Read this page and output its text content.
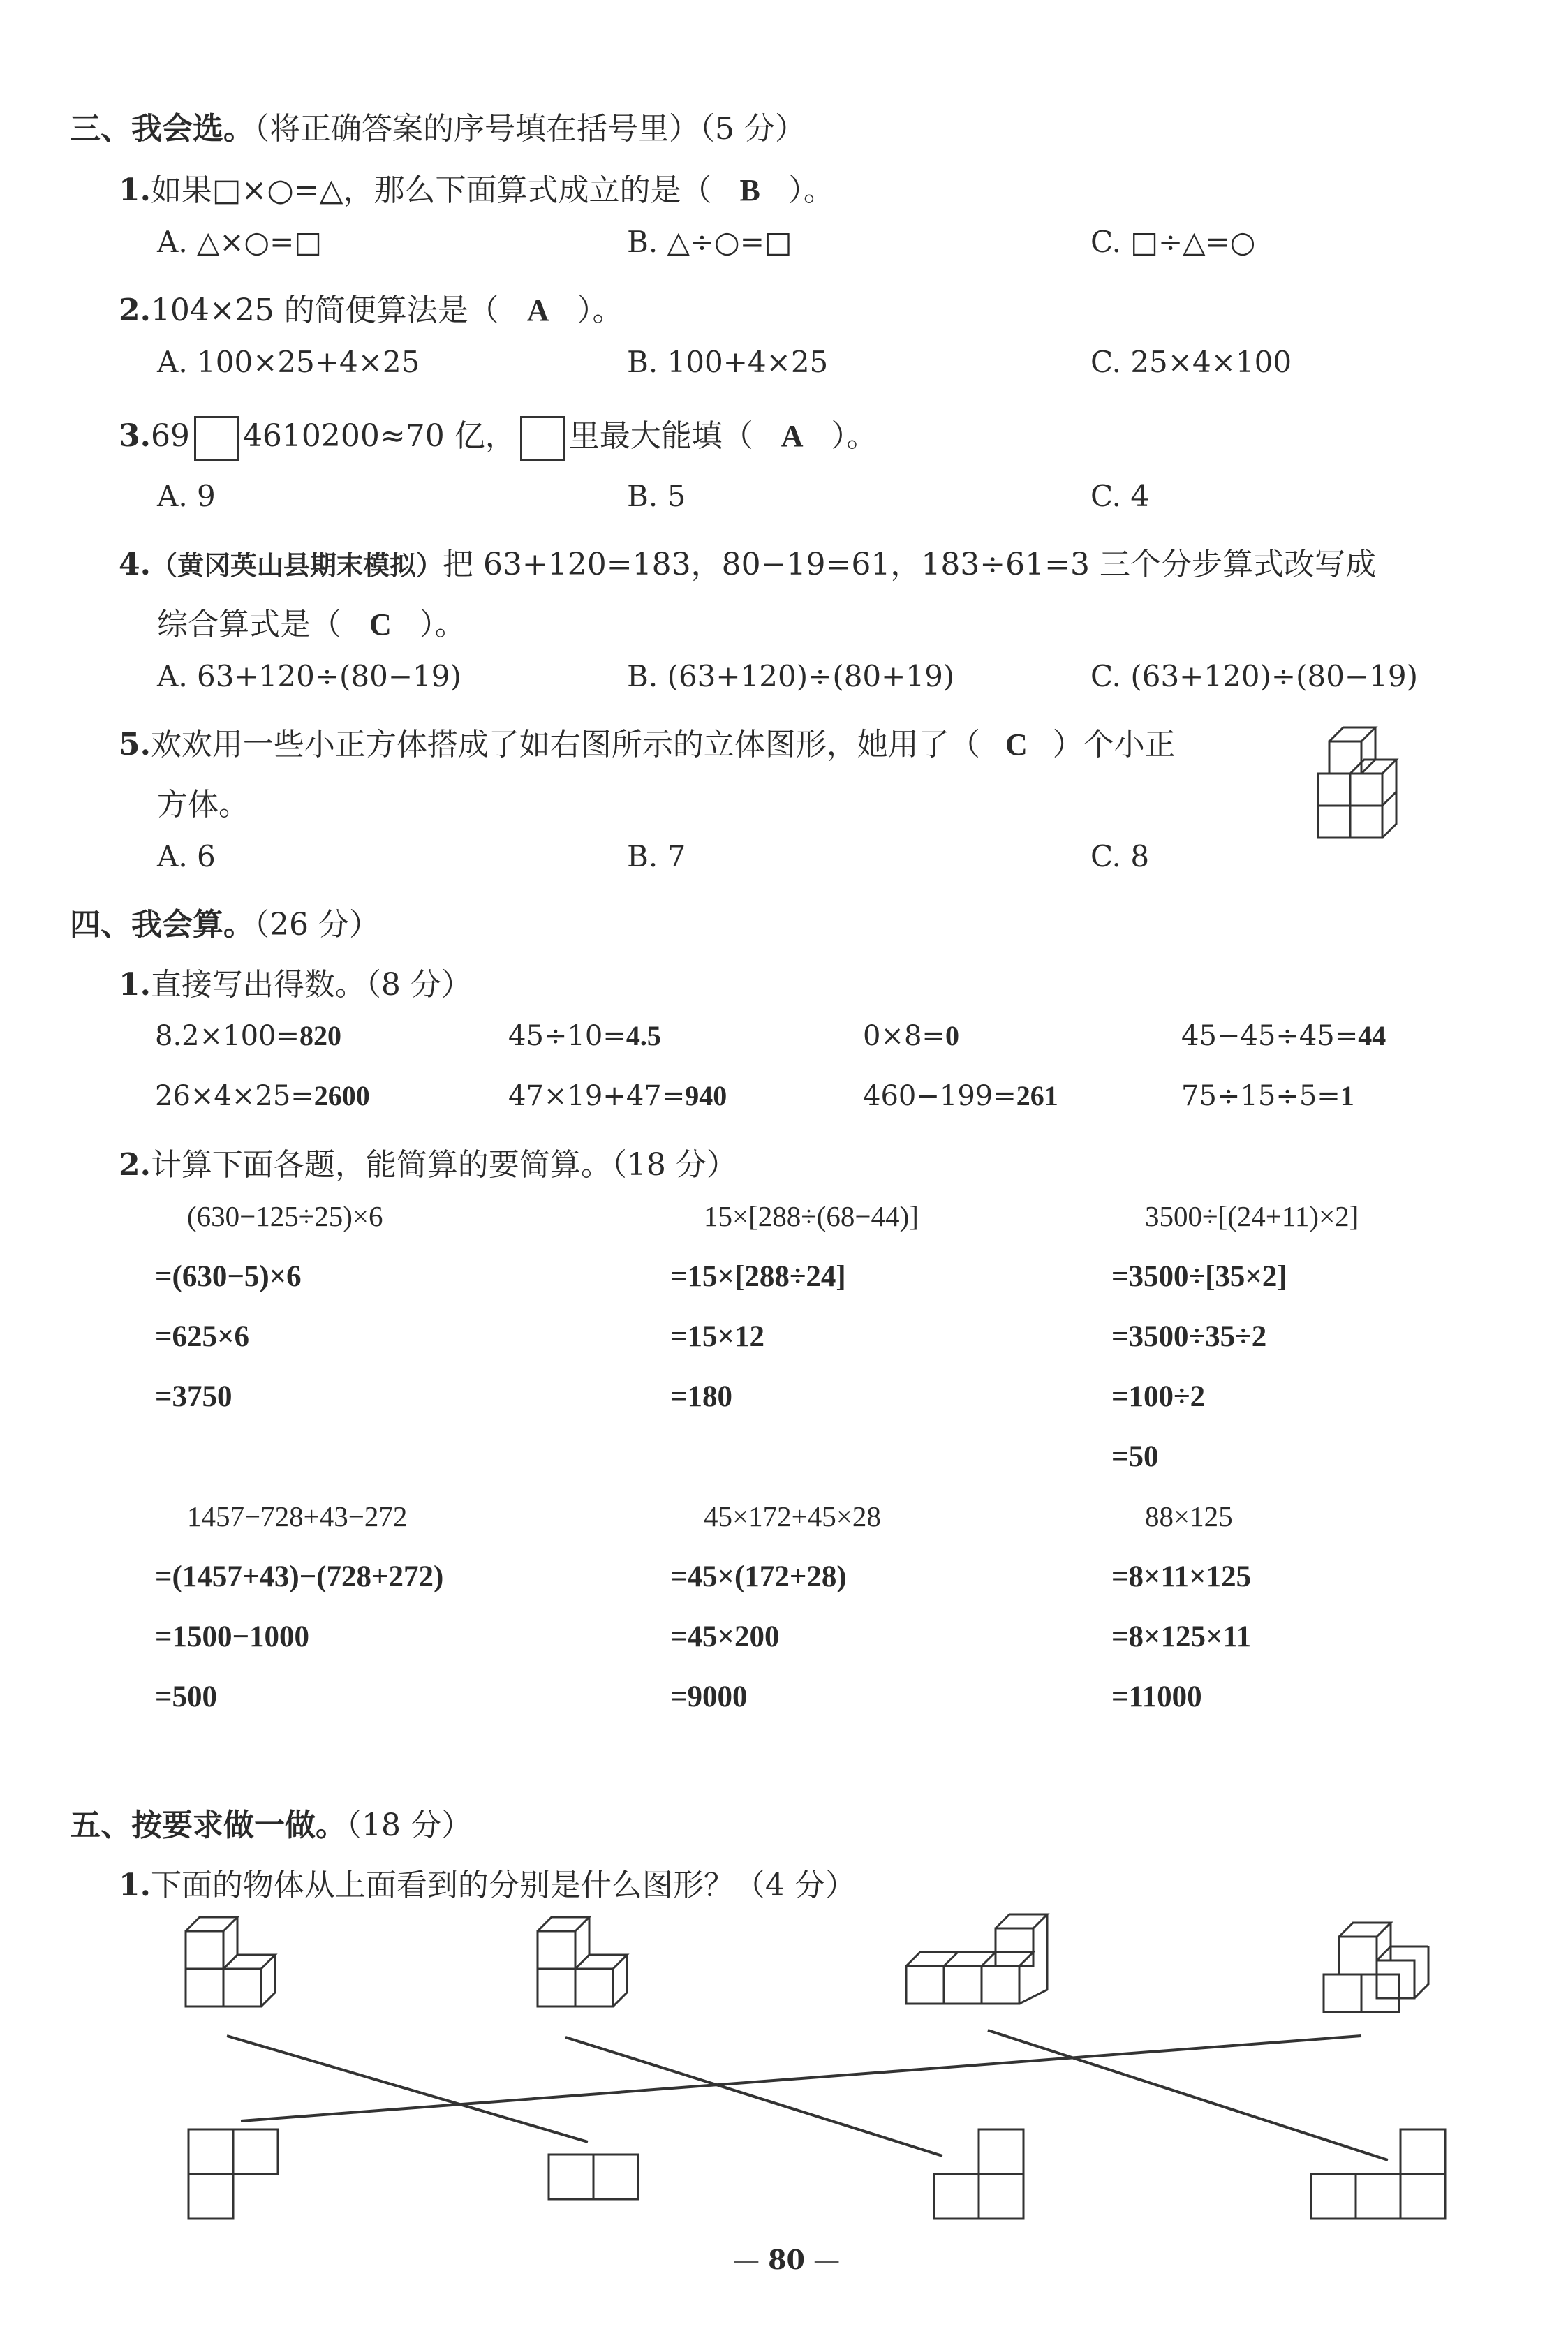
三、我会选。（将正确答案的序号填在括号里）（5 分）
1.如果□×○=△，那么下面算式成立的是（ B ）。
A. △×○=□	B. △÷○=□	C. □÷△=○
2.104×25 的简便算法是（ A ）。
A. 100×25+4×25	B. 100+4×25	C. 25×4×100
3.69 4610200≈70 亿， 里最大能填（ A ）。
A. 9	B. 5	C. 4
4.（黄冈英山县期末模拟）把 63+120=183，80−19=61，183÷61=3 三个分步算式改写成
综合算式是（ C ）。
A. 63+120÷(80−19)	B. (63+120)÷(80+19)	C. (63+120)÷(80−19)
5.欢欢用一些小正方体搭成了如右图所示的立体图形，她用了（ C ）个小正
方体。
A. 6	B. 7	C. 8
四、我会算。（26 分）
1.直接写出得数。（8 分）
8.2×100=820	45÷10=4.5	0×8=0	45−45÷45=44
26×4×25=2600	47×19+47=940	460−199=261	75÷15÷5=1
2.计算下面各题，能简算的要简算。（18 分）
(630−125÷25)×6
=(630−5)×6
=625×6
=3750
15×[288÷(68−44)]
=15×[288÷24]
=15×12
=180
3500÷[(24+11)×2]
=3500÷[35×2]
=3500÷35÷2
=100÷2
=50
1457−728+43−272
=(1457+43)−(728+272)
=1500−1000
=500
45×172+45×28
=45×(172+28)
=45×200
=9000
88×125
=8×11×125
=8×125×11
=11000
五、按要求做一做。（18 分）
1.下面的物体从上面看到的分别是什么图形？（4 分）
— 80 —
